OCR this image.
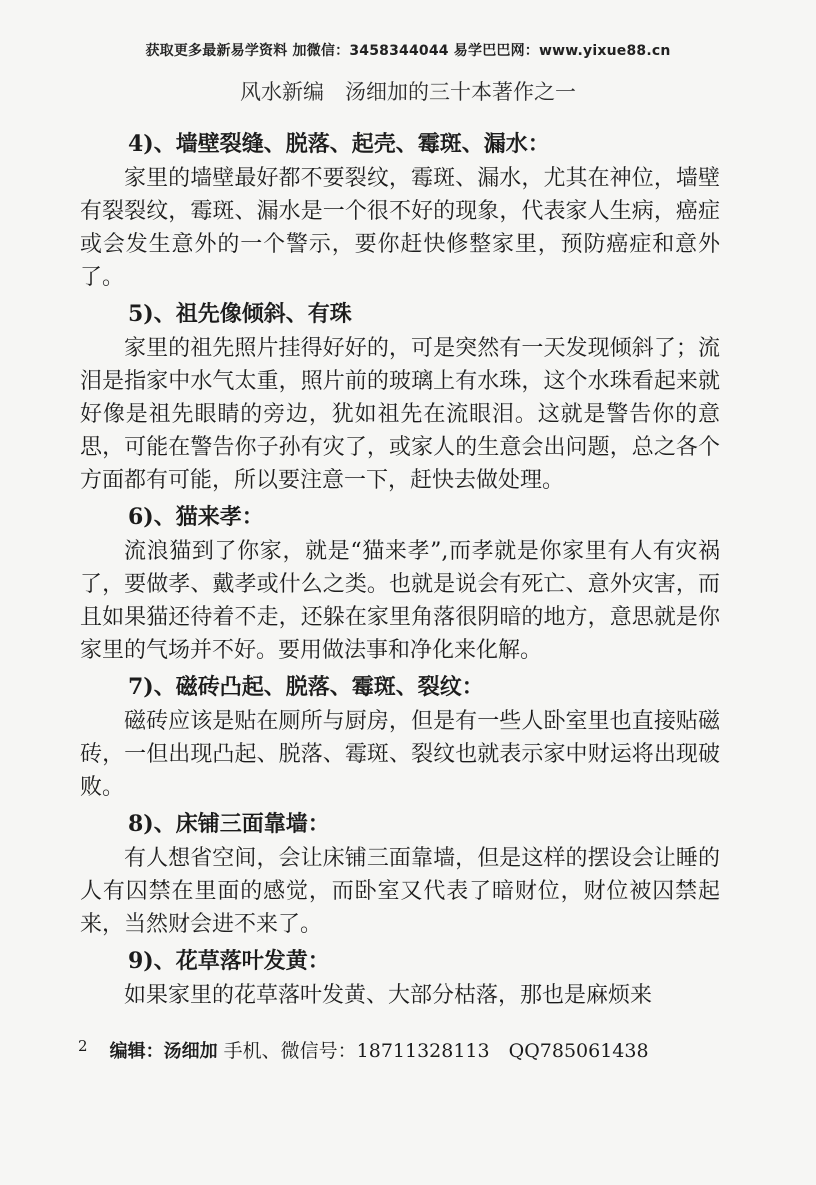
获取更多最新易学资料 加微信：3458344044 易学巴巴网：www.yixue88.cn
风水新编　汤细加的三十本著作之一

4)、墙壁裂缝、脱落、起壳、霉斑、漏水：

家里的墙壁最好都不要裂纹，霉斑、漏水，尤其在神位，墙壁有裂裂纹，霉斑、漏水是一个很不好的现象，代表家人生病，癌症或会发生意外的一个警示，要你赶快修整家里，预防癌症和意外了。

5)、祖先像倾斜、有珠

家里的祖先照片挂得好好的，可是突然有一天发现倾斜了；流泪是指家中水气太重，照片前的玻璃上有水珠，这个水珠看起来就好像是祖先眼睛的旁边，犹如祖先在流眼泪。这就是警告你的意思，可能在警告你子孙有灾了，或家人的生意会出问题，总之各个方面都有可能，所以要注意一下，赶快去做处理。

6)、猫来孝：

流浪猫到了你家，就是“猫来孝”,而孝就是你家里有人有灾祸了，要做孝、戴孝或什么之类。也就是说会有死亡、意外灾害，而且如果猫还待着不走，还躲在家里角落很阴暗的地方，意思就是你家里的气场并不好。要用做法事和净化来化解。

7)、磁砖凸起、脱落、霉斑、裂纹：

磁砖应该是贴在厕所与厨房，但是有一些人卧室里也直接贴磁砖，一但出现凸起、脱落、霉斑、裂纹也就表示家中财运将出现破败。

8)、床铺三面靠墙：

有人想省空间，会让床铺三面靠墙，但是这样的摆设会让睡的人有囚禁在里面的感觉，而卧室又代表了暗财位，财位被囚禁起来，当然财会进不来了。

9)、花草落叶发黄：

如果家里的花草落叶发黄、大部分枯落，那也是麻烦来

$^2$ 编辑：汤细加 手机、微信号：18711328113　QQ785061438
